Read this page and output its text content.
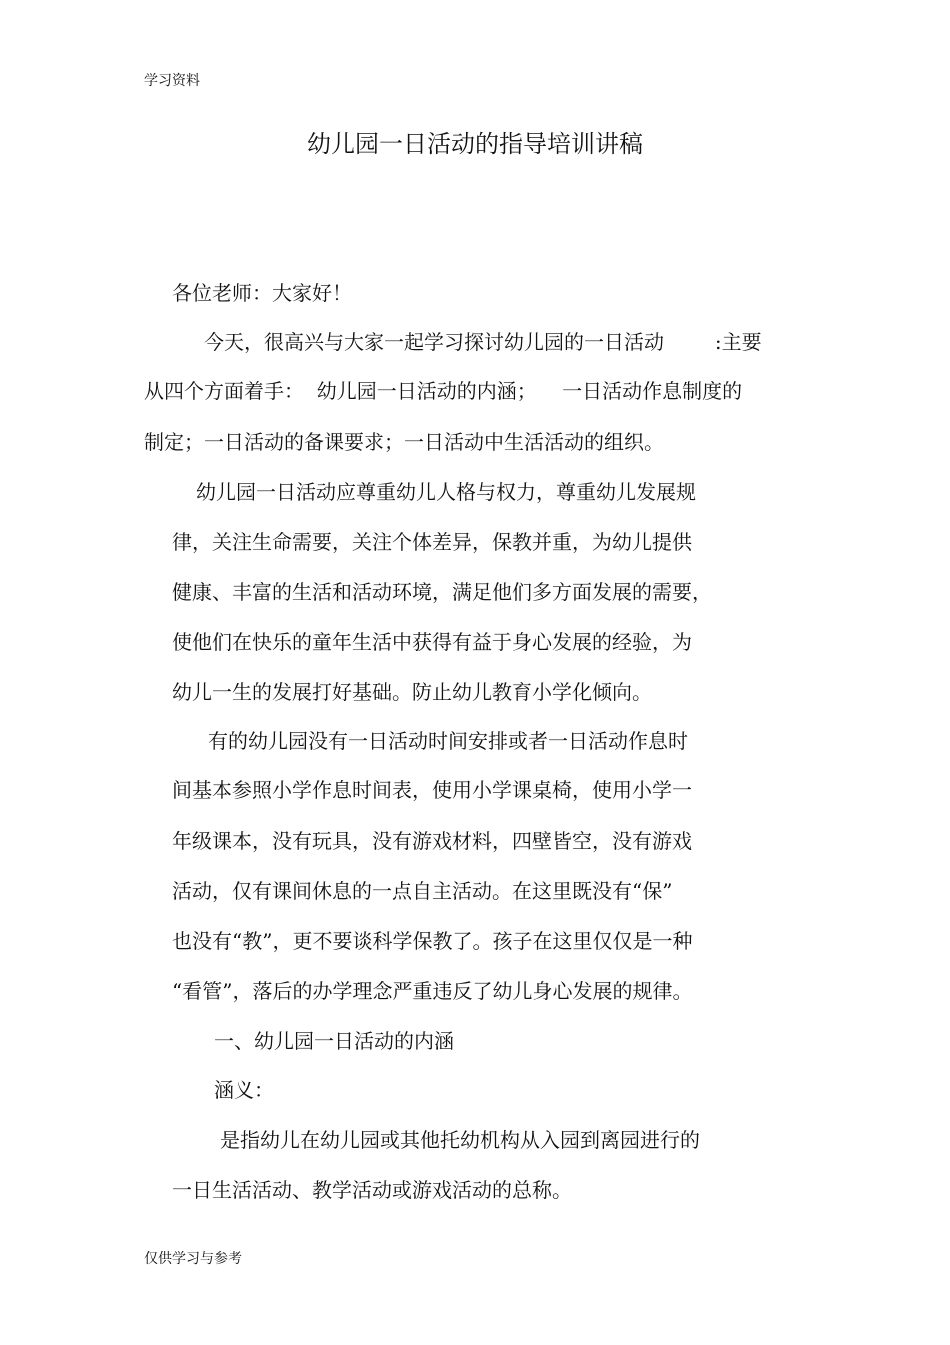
学习资料
幼儿园一日活动的指导培训讲稿
各位老师：大家好！
今天，很高兴与大家一起学习探讨幼儿园的一日活动        :主要
从四个方面着手：  幼儿园一日活动的内涵；    一日活动作息制度的
制定；一日活动的备课要求；一日活动中生活活动的组织。
幼儿园一日活动应尊重幼儿人格与权力，尊重幼儿发展规
律，关注生命需要，关注个体差异，保教并重，为幼儿提供
健康、丰富的生活和活动环境，满足他们多方面发展的需要，
使他们在快乐的童年生活中获得有益于身心发展的经验，为
幼儿一生的发展打好基础。防止幼儿教育小学化倾向。
有的幼儿园没有一日活动时间安排或者一日活动作息时
间基本参照小学作息时间表，使用小学课桌椅，使用小学一
年级课本，没有玩具，没有游戏材料，四壁皆空，没有游戏
活动，仅有课间休息的一点自主活动。在这里既没有“保”
也没有“教”，更不要谈科学保教了。孩子在这里仅仅是一种
“看管”，落后的办学理念严重违反了幼儿身心发展的规律。
一、幼儿园一日活动的内涵
涵义：
是指幼儿在幼儿园或其他托幼机构从入园到离园进行的
一日生活活动、教学活动或游戏活动的总称。
仅供学习与参考
